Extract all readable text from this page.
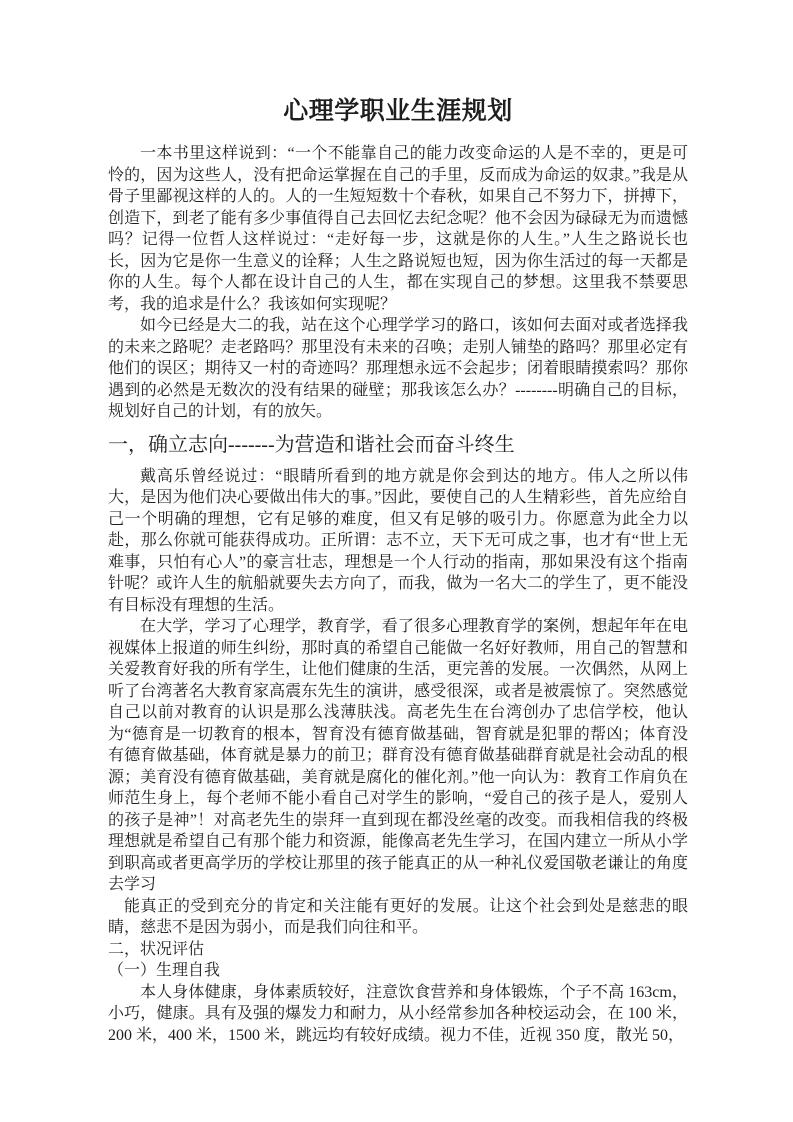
心理学职业生涯规划

一本书里这样说到：“一个不能靠自己的能力改变命运的人是不幸的，更是可怜的，因为这些人，没有把命运掌握在自己的手里，反而成为命运的奴隶。”我是从骨子里鄙视这样的人的。人的一生短短数十个春秋，如果自己不努力下，拼搏下，创造下，到老了能有多少事值得自己去回忆去纪念呢？他不会因为碌碌无为而遗憾吗？记得一位哲人这样说过：“走好每一步，这就是你的人生。”人生之路说长也长，因为它是你一生意义的诠释；人生之路说短也短，因为你生活过的每一天都是你的人生。每个人都在设计自己的人生，都在实现自己的梦想。这里我不禁要思考，我的追求是什么？我该如何实现呢？

如今已经是大二的我，站在这个心理学学习的路口，该如何去面对或者选择我的未来之路呢？走老路吗？那里没有未来的召唤；走别人铺垫的路吗？那里必定有他们的误区；期待又一村的奇迹吗？那理想永远不会起步；闭着眼睛摸索吗？那你遇到的必然是无数次的没有结果的碰壁；那我该怎么办？--------明确自己的目标，规划好自己的计划，有的放矢。

一，确立志向-------为营造和谐社会而奋斗终生

戴高乐曾经说过：“眼睛所看到的地方就是你会到达的地方。伟人之所以伟大，是因为他们决心要做出伟大的事。”因此，要使自己的人生精彩些，首先应给自己一个明确的理想，它有足够的难度，但又有足够的吸引力。你愿意为此全力以赴，那么你就可能获得成功。正所谓：志不立，天下无可成之事，也才有“世上无难事，只怕有心人”的豪言壮志，理想是一个人行动的指南，那如果没有这个指南针呢？或许人生的航船就要失去方向了，而我，做为一名大二的学生了，更不能没有目标没有理想的生活。

在大学，学习了心理学，教育学，看了很多心理教育学的案例，想起年年在电视媒体上报道的师生纠纷，那时真的希望自己能做一名好好教师，用自己的智慧和关爱教育好我的所有学生，让他们健康的生活，更完善的发展。一次偶然，从网上听了台湾著名大教育家高震东先生的演讲，感受很深，或者是被震惊了。突然感觉自己以前对教育的认识是那么浅薄肤浅。高老先生在台湾创办了忠信学校，他认为“德育是一切教育的根本，智育没有德育做基础，智育就是犯罪的帮凶；体育没有德育做基础，体育就是暴力的前卫；群育没有德育做基础群育就是社会动乱的根源；美育没有德育做基础，美育就是腐化的催化剂。”他一向认为：教育工作肩负在师范生身上，每个老师不能小看自己对学生的影响，“爱自己的孩子是人，爱别人的孩子是神”！对高老先生的崇拜一直到现在都没丝毫的改变。而我相信我的终极理想就是希望自己有那个能力和资源，能像高老先生学习，在国内建立一所从小学到职高或者更高学历的学校让那里的孩子能真正的从一种礼仪爱国敬老谦让的角度去学习

能真正的受到充分的肯定和关注能有更好的发展。让这个社会到处是慈悲的眼睛，慈悲不是因为弱小，而是我们向往和平。

二，状况评估

（一）生理自我

本人身体健康，身体素质较好，注意饮食营养和身体锻炼，个子不高 163cm，小巧，健康。具有及强的爆发力和耐力，从小经常参加各种校运动会，在 100 米，200 米，400 米，1500 米，跳远均有较好成绩。视力不佳，近视 350 度，散光 50，
